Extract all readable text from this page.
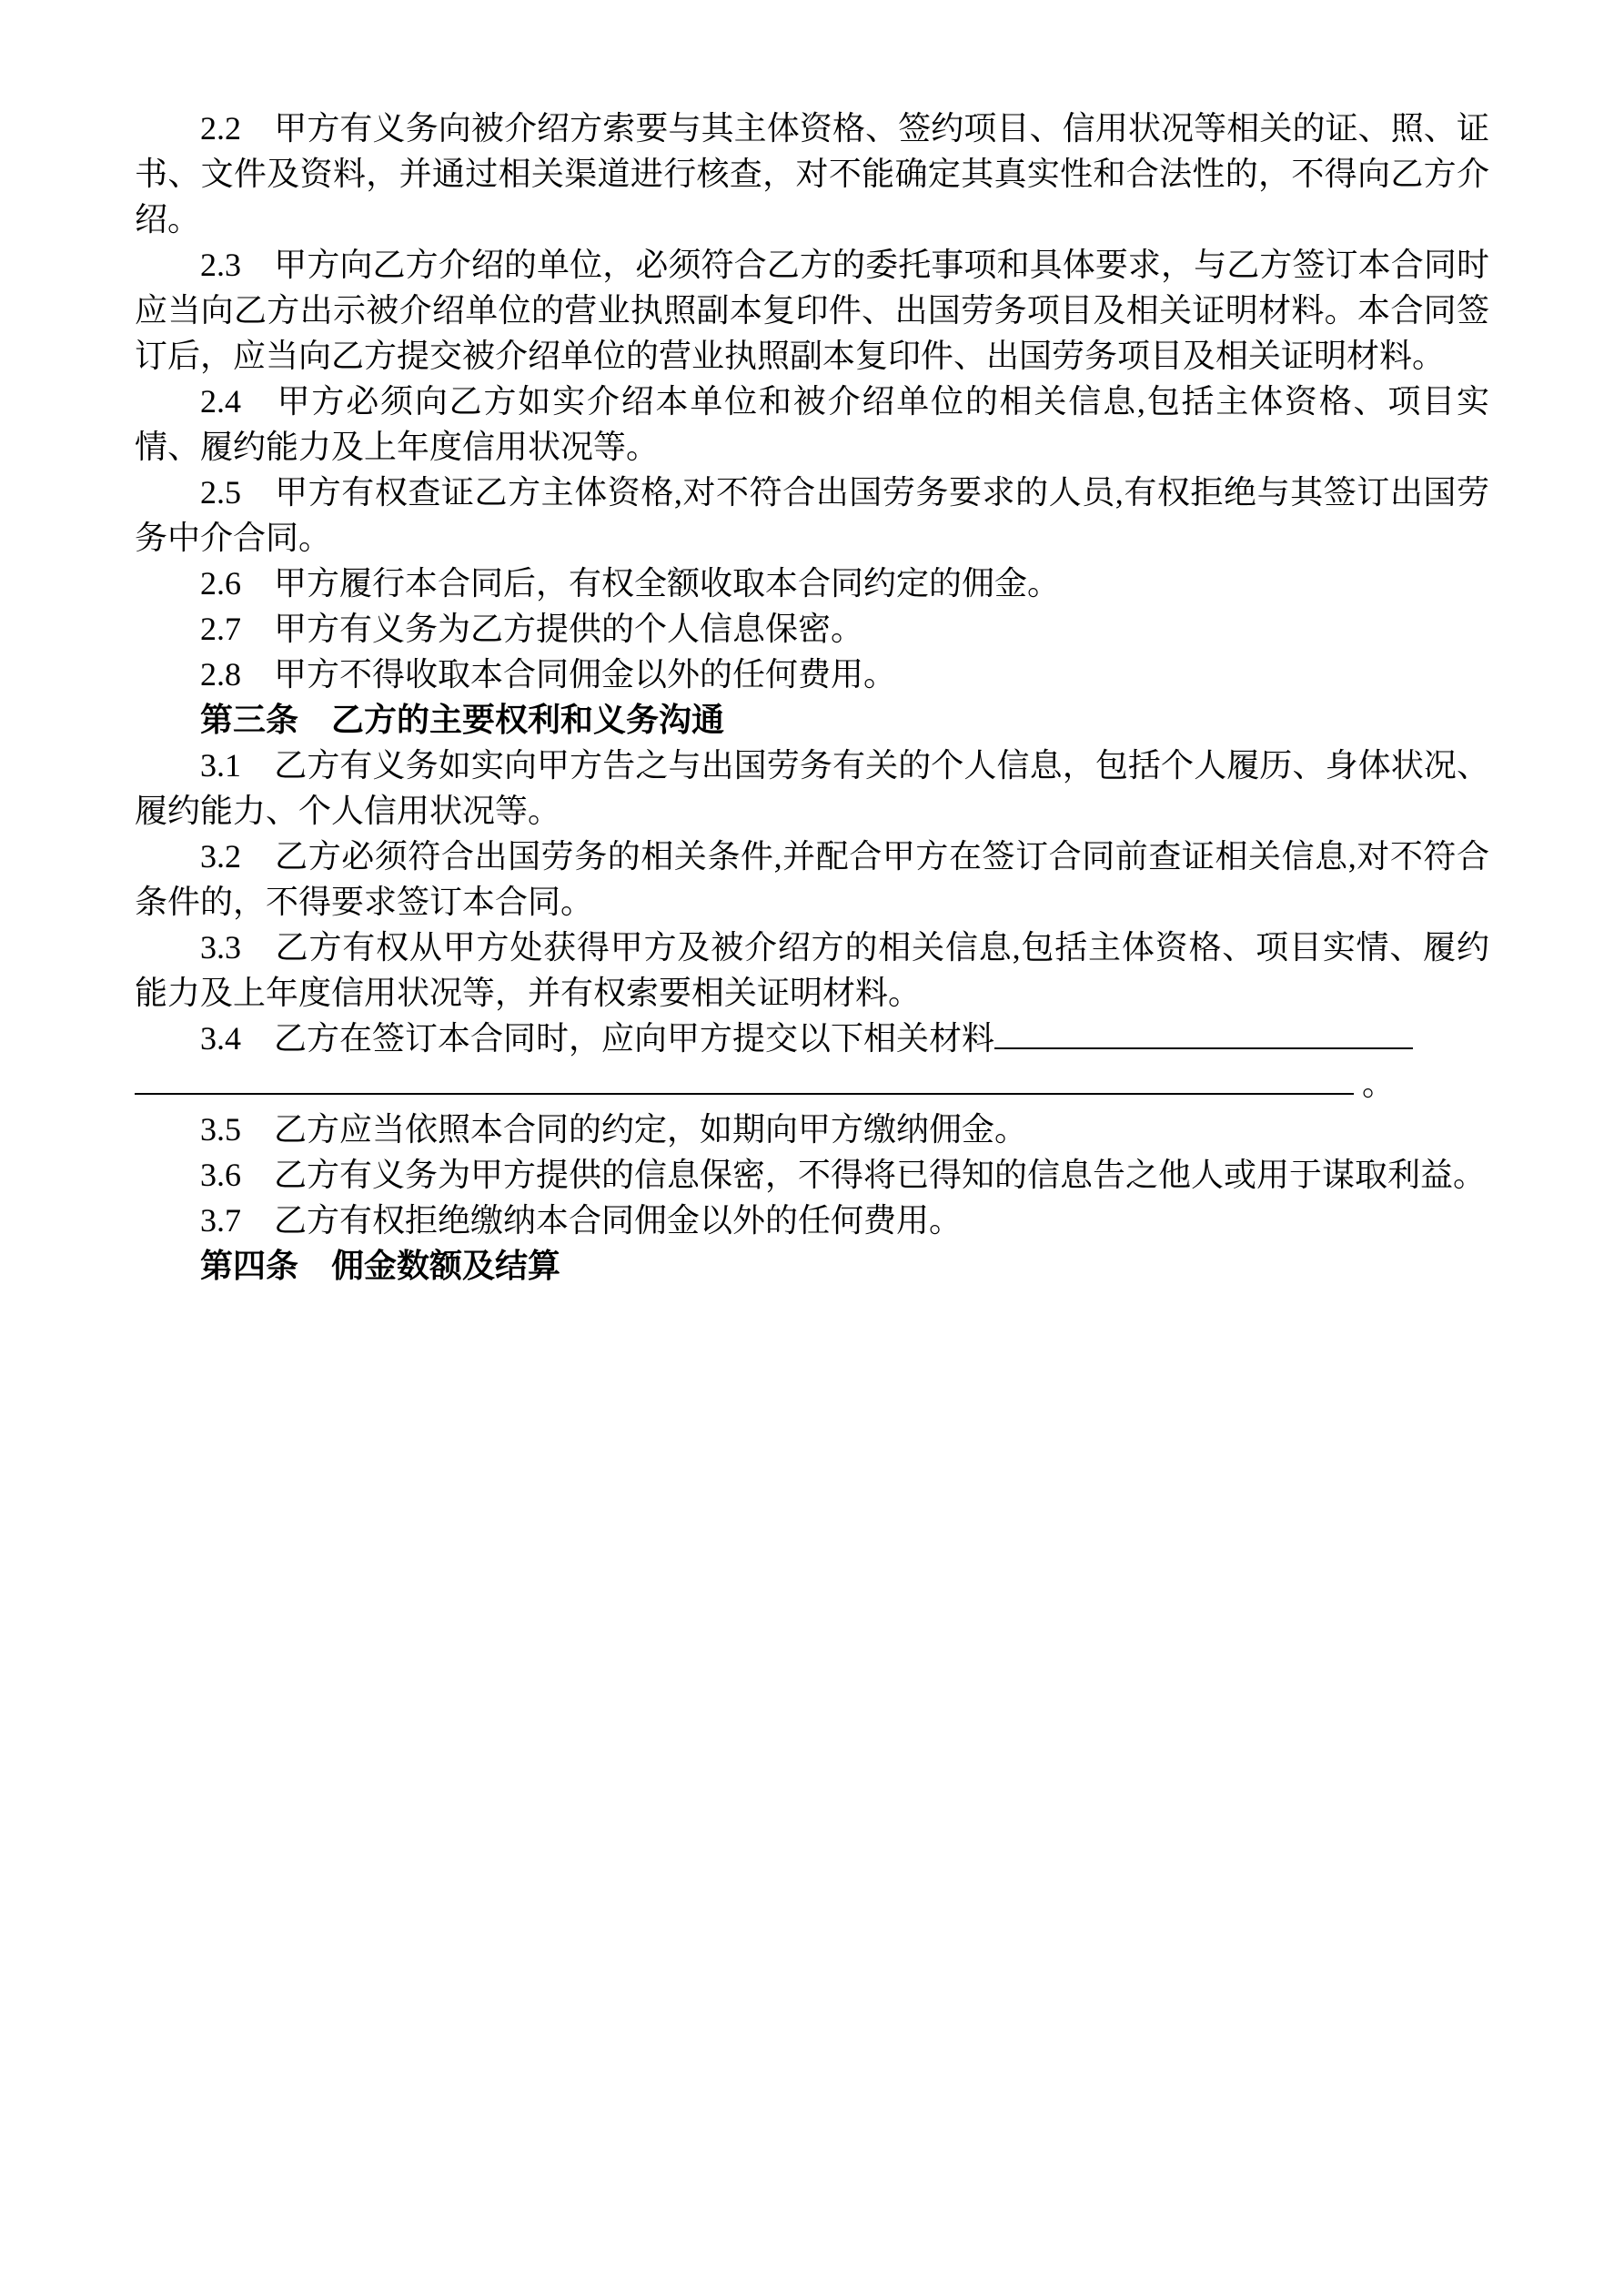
2.2　甲方有义务向被介绍方索要与其主体资格、签约项目、信用状况等相关的证、照、证书、文件及资料，并通过相关渠道进行核查，对不能确定其真实性和合法性的，不得向乙方介绍。

2.3　甲方向乙方介绍的单位，必须符合乙方的委托事项和具体要求，与乙方签订本合同时应当向乙方出示被介绍单位的营业执照副本复印件、出国劳务项目及相关证明材料。本合同签订后，应当向乙方提交被介绍单位的营业执照副本复印件、出国劳务项目及相关证明材料。

2.4　甲方必须向乙方如实介绍本单位和被介绍单位的相关信息,包括主体资格、项目实情、履约能力及上年度信用状况等。

2.5　甲方有权查证乙方主体资格,对不符合出国劳务要求的人员,有权拒绝与其签订出国劳务中介合同。

2.6　甲方履行本合同后，有权全额收取本合同约定的佣金。

2.7　甲方有义务为乙方提供的个人信息保密。

2.8　甲方不得收取本合同佣金以外的任何费用。

第三条　乙方的主要权利和义务沟通

3.1　乙方有义务如实向甲方告之与出国劳务有关的个人信息，包括个人履历、身体状况、履约能力、个人信用状况等。

3.2　乙方必须符合出国劳务的相关条件,并配合甲方在签订合同前查证相关信息,对不符合条件的，不得要求签订本合同。

3.3　乙方有权从甲方处获得甲方及被介绍方的相关信息,包括主体资格、项目实情、履约能力及上年度信用状况等，并有权索要相关证明材料。

3.4　乙方在签订本合同时，应向甲方提交以下相关材料

。

3.5　乙方应当依照本合同的约定，如期向甲方缴纳佣金。

3.6　乙方有义务为甲方提供的信息保密，不得将已得知的信息告之他人或用于谋取利益。

3.7　乙方有权拒绝缴纳本合同佣金以外的任何费用。

第四条　佣金数额及结算
